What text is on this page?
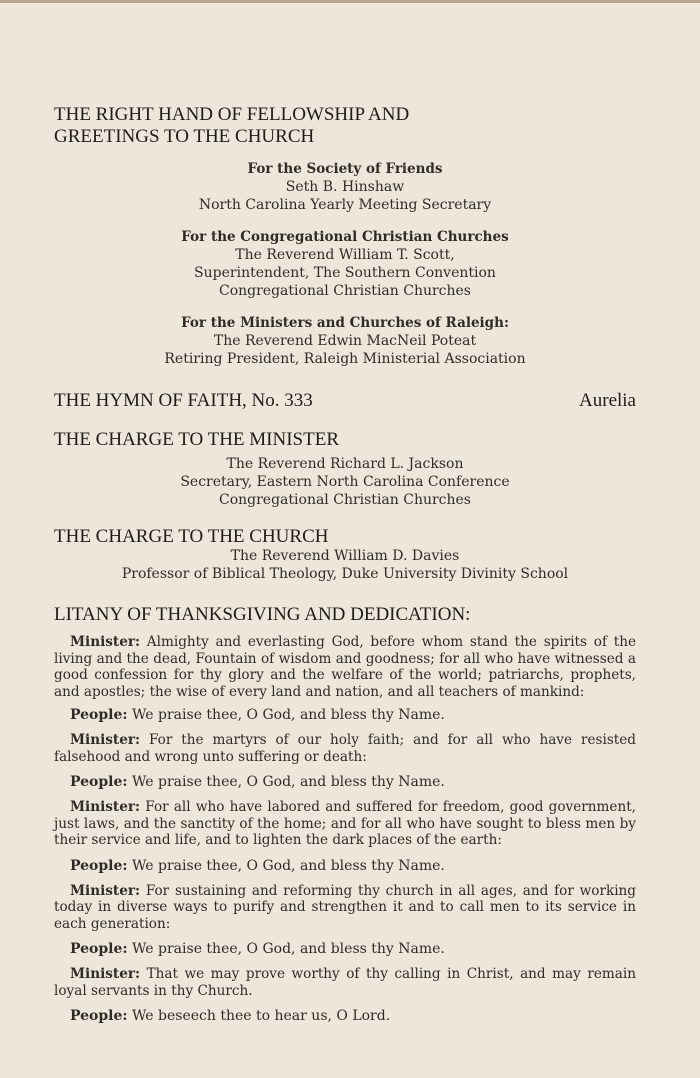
THE RIGHT HAND OF FELLOWSHIP AND
GREETINGS TO THE CHURCH
For the Society of Friends
Seth B. Hinshaw
North Carolina Yearly Meeting Secretary
For the Congregational Christian Churches
The Reverend William T. Scott,
Superintendent, The Southern Convention
Congregational Christian Churches
For the Ministers and Churches of Raleigh:
The Reverend Edwin MacNeil Poteat
Retiring President, Raleigh Ministerial Association
THE HYMN OF FAITH, No. 333	Aurelia
THE CHARGE TO THE MINISTER
The Reverend Richard L. Jackson
Secretary, Eastern North Carolina Conference
Congregational Christian Churches
THE CHARGE TO THE CHURCH
The Reverend William D. Davies
Professor of Biblical Theology, Duke University Divinity School
LITANY OF THANKSGIVING AND DEDICATION:

Minister: Almighty and everlasting God, before whom stand the spirits of the living and the dead, Fountain of wisdom and goodness; for all who have witnessed a good confession for thy glory and the welfare of the world; patriarchs, prophets, and apostles; the wise of every land and nation, and all teachers of mankind:

People: We praise thee, O God, and bless thy Name.

Minister: For the martyrs of our holy faith; and for all who have resisted falsehood and wrong unto suffering or death:

People: We praise thee, O God, and bless thy Name.

Minister: For all who have labored and suffered for freedom, good government, just laws, and the sanctity of the home; and for all who have sought to bless men by their service and life, and to lighten the dark places of the earth:

People: We praise thee, O God, and bless thy Name.

Minister: For sustaining and reforming thy church in all ages, and for working today in diverse ways to purify and strengthen it and to call men to its service in each generation:

People: We praise thee, O God, and bless thy Name.

Minister: That we may prove worthy of thy calling in Christ, and may remain loyal servants in thy Church.

People: We beseech thee to hear us, O Lord.
